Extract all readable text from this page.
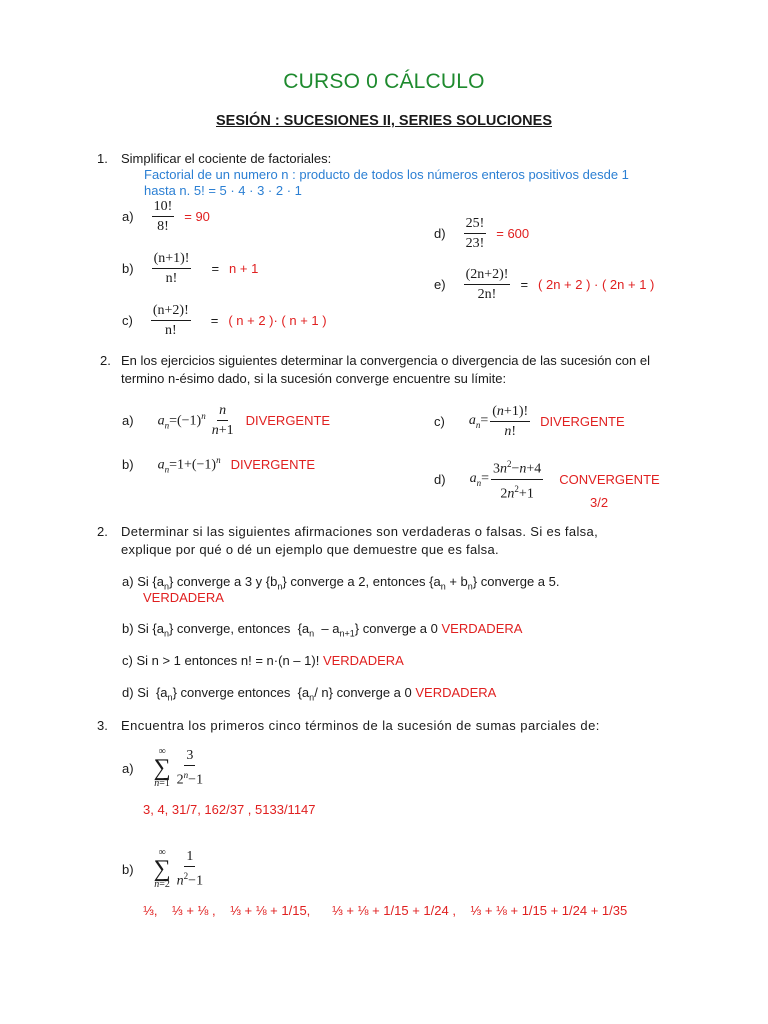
CURSO 0 CÁLCULO
SESIÓN : SUCESIONES II, SERIES SOLUCIONES
1. Simplificar el cociente de factoriales:
Factorial de un numero n : producto de todos los números enteros positivos desde 1
hasta n. 5! = 5 · 4 · 3 · 2 · 1
$a) \frac{10!}{8!} = 90$
$b) \frac{(n+1)!}{n!} = n + 1$
$c) \frac{(n+2)!}{n!}$ = ( n + 2 )· ( n + 1 )
$d) \frac{25!}{23!} = 600$
$e) \frac{(2n+2)!}{2n!}$ = ( 2n + 2 ) · ( 2n + 1 )
2. En los ejercicios siguientes determinar la convergencia o divergencia de las sucesión con el
termino n-ésimo dado, si la sucesión converge encuentre su límite:
a) $a_n=(-1)^n \frac{n}{n+1}$ DIVERGENTE
b) $a_n=1+(-1)^n$ DIVERGENTE
c) $a_n= \frac{(n+1)!}{n!}$ DIVERGENTE
d) $a_n= \frac{3n^2-n+4}{2n^2+1}$ CONVERGENTE
3/2
2. Determinar si las siguientes afirmaciones son verdaderas o falsas. Si es falsa,
explique por qué o dé un ejemplo que demuestre que es falsa.
a) Si $\{a_n\}$ converge a 3 y $\{b_n\}$ converge a 2, entonces $\{a_n + b_n\}$ converge a 5.
VERDADERA
b) Si $\{a_n\}$ converge, entonces  $\{a_n - a_{n+1}\}$ converge a 0 VERDADERA
c) Si n > 1 entonces n! = n·(n – 1)! VERDADERA
d) Si  $\{a_n\}$ converge entonces  {$a_n/$ n} converge a 0 VERDADERA
3. Encuentra los primeros cinco términos de la sucesión de sumas parciales de:
a)
∞
∑
$n=1 \frac{3}{2^n-1}$
3, 4, 31/7, 162/37 , 5133/1147
b)
∞
∑
$n=2 \frac{1}{n^2-1}$
⅓,    ⅓ + ⅛ ,    ⅓ + ⅛ + 1/15,      ⅓ + ⅛ + 1/15 + 1/24 ,    ⅓ + ⅛ + 1/15 + 1/24 + 1/35
